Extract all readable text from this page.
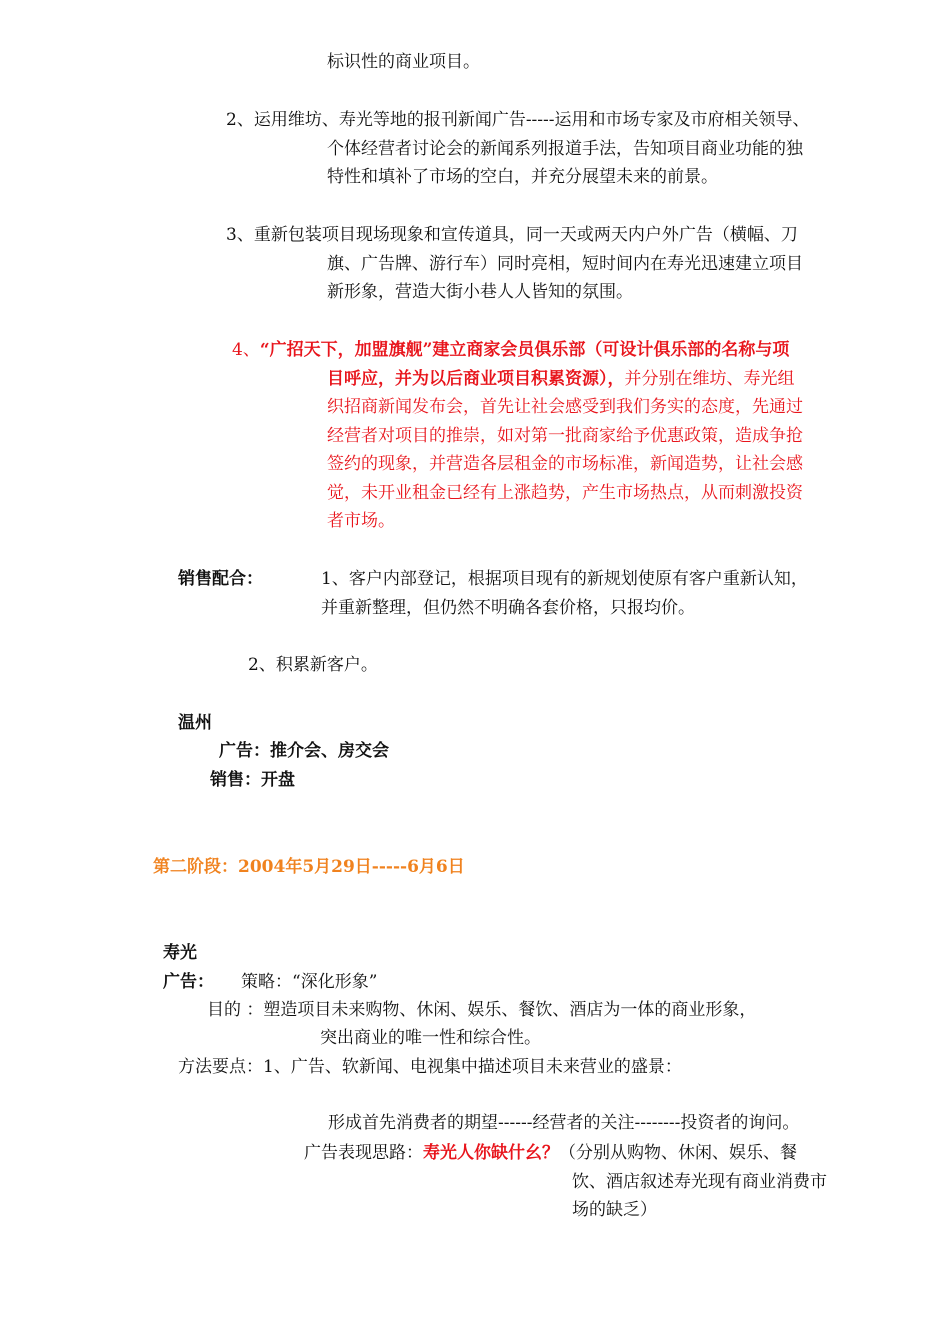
标识性的商业项目。
2、运用维坊、寿光等地的报刊新闻广告-----运用和市场专家及市府相关领导、
个体经营者讨论会的新闻系列报道手法，告知项目商业功能的独
特性和填补了市场的空白，并充分展望未来的前景。
3、重新包装项目现场现象和宣传道具，同一天或两天内户外广告（横幅、刀
旗、广告牌、游行车）同时亮相，短时间内在寿光迅速建立项目
新形象，营造大街小巷人人皆知的氛围。
4、“广招天下，加盟旗舰”建立商家会员俱乐部（可设计俱乐部的名称与项
目呼应，并为以后商业项目积累资源），并分别在维坊、寿光组
织招商新闻发布会，首先让社会感受到我们务实的态度，先通过
经营者对项目的推崇，如对第一批商家给予优惠政策，造成争抢
签约的现象，并营造各层租金的市场标准，新闻造势，让社会感
觉，未开业租金已经有上涨趋势，产生市场热点，从而刺激投资
者市场。
销售配合：	1、客户内部登记，根据项目现有的新规划使原有客户重新认知，
并重新整理，但仍然不明确各套价格，只报均价。
2、积累新客户。
温州
广告：推介会、房交会
销售：开盘
第二阶段：2004年5月29日-----6月6日
寿光
广告： 策略：“深化形象”
目的 ：塑造项目未来购物、休闲、娱乐、餐饮、酒店为一体的商业形象，
突出商业的唯一性和综合性。
方法要点：1、广告、软新闻、电视集中描述项目未来营业的盛景：
形成首先消费者的期望------经营者的关注--------投资者的询问。
广告表现思路：寿光人你缺什幺？（分别从购物、休闲、娱乐、餐
饮、酒店叙述寿光现有商业消费市
场的缺乏）
